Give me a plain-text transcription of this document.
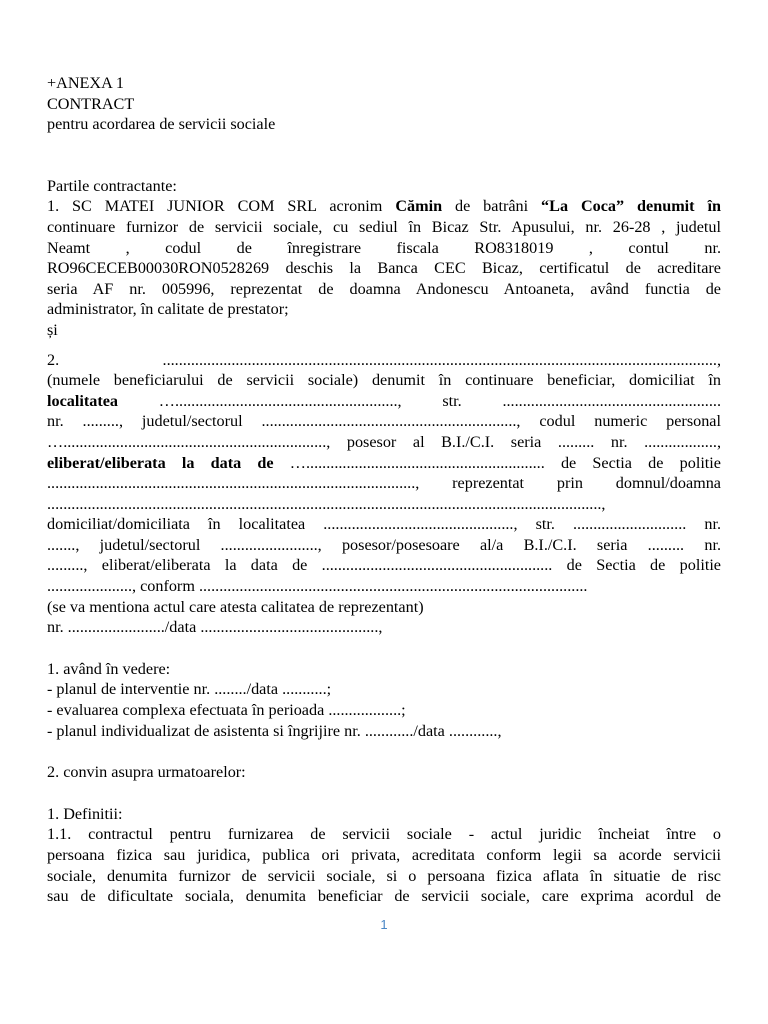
+ANEXA 1
CONTRACT
pentru acordarea de servicii sociale
Partile contractante:
1. SC MATEI JUNIOR COM SRL acronim Cămin de batrâni “La Coca” denumit în
continuare furnizor de servicii sociale, cu sediul în Bicaz Str. Apusului, nr. 26-28 , judetul
Neamt , codul de înregistrare fiscala RO8318019 , contul nr.
RO96CECEB00030RON0528269 deschis la Banca CEC Bicaz, certificatul de acreditare
seria AF nr. 005996, reprezentat de doamna Andonescu Antoaneta, având functia de
administrator, în calitate de prestator;
și
2. .........................................................................................................................................,
(numele beneficiarului de servicii sociale) denumit în continuare beneficiar, domiciliat în
localitatea …......................................................., str. ......................................................
nr. ........., judetul/sectorul ..............................................................., codul numeric personal
…................................................................., posesor al B.I./C.I. seria ......... nr. ..................,
eliberat/eliberata la data de …........................................................... de Sectia de politie
..........................................................................................., reprezentat prin domnul/doamna
.........................................................................................................................................,
domiciliat/domiciliata în localitatea ..............................................., str. ............................ nr.
......., judetul/sectorul ........................, posesor/posesoare al/a B.I./C.I. seria ......... nr.
........., eliberat/eliberata la data de ......................................................... de Sectia de politie
....................., conform ................................................................................................
(se va mentiona actul care atesta calitatea de reprezentant)
nr. ......................../data ............................................,
1. având în vedere:
- planul de interventie nr. ......../data ...........;
- evaluarea complexa efectuata în perioada ..................;
- planul individualizat de asistenta si îngrijire nr. ............/data ............,
2. convin asupra urmatoarelor:
1. Definitii:
1.1. contractul pentru furnizarea de servicii sociale - actul juridic încheiat între o
persoana fizica sau juridica, publica ori privata, acreditata conform legii sa acorde servicii
sociale, denumita furnizor de servicii sociale, si o persoana fizica aflata în situatie de risc
sau de dificultate sociala, denumita beneficiar de servicii sociale, care exprima acordul de
1
